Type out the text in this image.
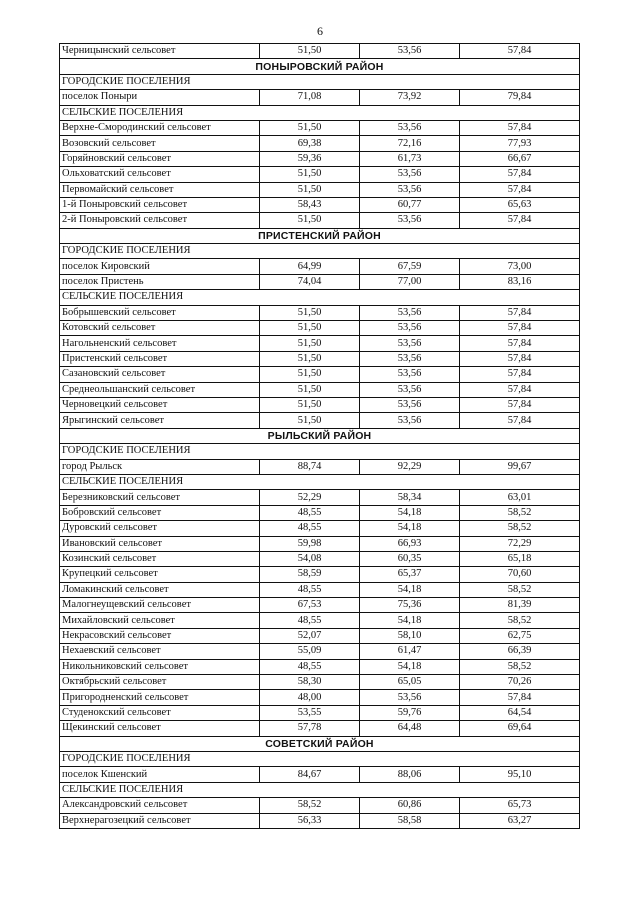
6
Черницынский сельсовет	51,50	53,56	57,84
ПОНЫРОВСКИЙ РАЙОН			
ГОРОДСКИЕ ПОСЕЛЕНИЯ			
поселок Поныри	71,08	73,92	79,84
СЕЛЬСКИЕ ПОСЕЛЕНИЯ			
Верхне-Смородинский сельсовет	51,50	53,56	57,84
Возовский сельсовет	69,38	72,16	77,93
Горяйновский сельсовет	59,36	61,73	66,67
Ольховатский сельсовет	51,50	53,56	57,84
Первомайский сельсовет	51,50	53,56	57,84
1-й Поныровский сельсовет	58,43	60,77	65,63
2-й Поныровский сельсовет	51,50	53,56	57,84
ПРИСТЕНСКИЙ РАЙОН			
ГОРОДСКИЕ ПОСЕЛЕНИЯ			
поселок Кировский	64,99	67,59	73,00
поселок Пристень	74,04	77,00	83,16
СЕЛЬСКИЕ ПОСЕЛЕНИЯ			
Бобрышевский сельсовет	51,50	53,56	57,84
Котовский сельсовет	51,50	53,56	57,84
Нагольненский сельсовет	51,50	53,56	57,84
Пристенский сельсовет	51,50	53,56	57,84
Сазановский сельсовет	51,50	53,56	57,84
Среднеольшанский сельсовет	51,50	53,56	57,84
Черновецкий сельсовет	51,50	53,56	57,84
Ярыгинский сельсовет	51,50	53,56	57,84
РЫЛЬСКИЙ РАЙОН			
ГОРОДСКИЕ ПОСЕЛЕНИЯ			
город Рыльск	88,74	92,29	99,67
СЕЛЬСКИЕ ПОСЕЛЕНИЯ			
Березниковский сельсовет	52,29	58,34	63,01
Бобровский сельсовет	48,55	54,18	58,52
Дуровский сельсовет	48,55	54,18	58,52
Ивановский сельсовет	59,98	66,93	72,29
Козинский сельсовет	54,08	60,35	65,18
Крупецкий сельсовет	58,59	65,37	70,60
Ломакинский сельсовет	48,55	54,18	58,52
Малогнеущевский сельсовет	67,53	75,36	81,39
Михайловский сельсовет	48,55	54,18	58,52
Некрасовский сельсовет	52,07	58,10	62,75
Нехаевский сельсовет	55,09	61,47	66,39
Никольниковский сельсовет	48,55	54,18	58,52
Октябрьский сельсовет	58,30	65,05	70,26
Пригородненский сельсовет	48,00	53,56	57,84
Студенокский сельсовет	53,55	59,76	64,54
Щекинский сельсовет	57,78	64,48	69,64
СОВЕТСКИЙ РАЙОН			
ГОРОДСКИЕ ПОСЕЛЕНИЯ			
поселок Кшенский	84,67	88,06	95,10
СЕЛЬСКИЕ ПОСЕЛЕНИЯ			
Александровский сельсовет	58,52	60,86	65,73
Верхнерагозецкий сельсовет	56,33	58,58	63,27
